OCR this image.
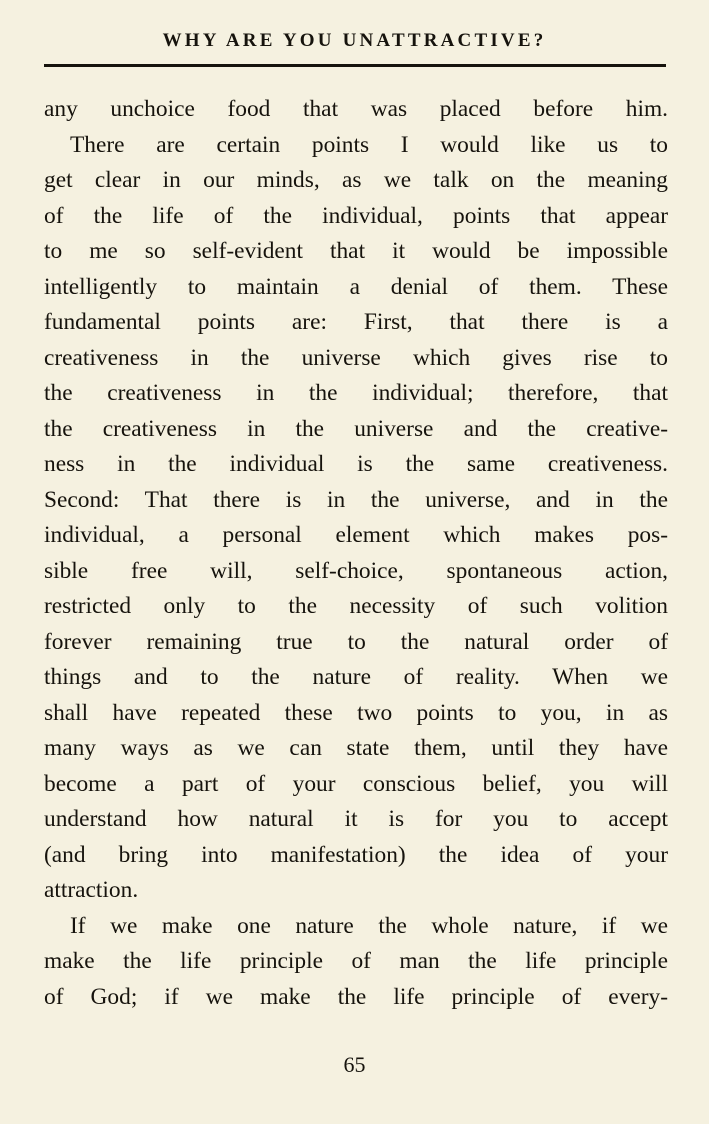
WHY ARE YOU UNATTRACTIVE?
any unchoice food that was placed before him.
There are certain points I would like us to
get clear in our minds, as we talk on the meaning
of the life of the individual, points that appear
to me so self-evident that it would be impossible
intelligently to maintain a denial of them. These
fundamental points are: First, that there is a
creativeness in the universe which gives rise to
the creativeness in the individual; therefore, that
the creativeness in the universe and the creative-
ness in the individual is the same creativeness.
Second: That there is in the universe, and in the
individual, a personal element which makes pos-
sible free will, self-choice, spontaneous action,
restricted only to the necessity of such volition
forever remaining true to the natural order of
things and to the nature of reality. When we
shall have repeated these two points to you, in as
many ways as we can state them, until they have
become a part of your conscious belief, you will
understand how natural it is for you to accept
(and bring into manifestation) the idea of your
attraction.
If we make one nature the whole nature, if we
make the life principle of man the life principle
of God; if we make the life principle of every-
65
